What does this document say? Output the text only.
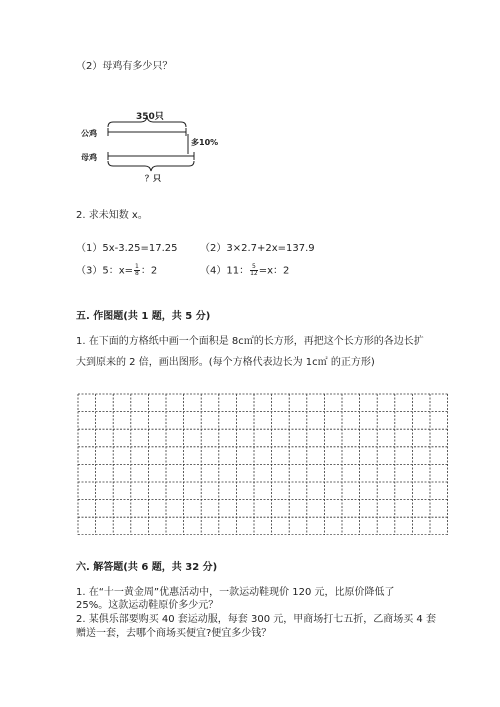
（2）母鸡有多少只？
350只
公鸡
母鸡
多10%
？只
2. 求未知数 x。
（1）5x-3.25=17.25 （2）3×2.7+2x=137.9
（3）5：$x= \frac{1}{8}$ ：2	（4）11： $\frac{5}{12} =x$：2
五. 作图题(共 1 题，共 5 分)
1. 在下面的方格纸中画一个面积是 8c㎡的长方形，再把这个长方形的各边长扩
大到原来的 2 倍，画出图形。(每个方格代表边长为 1c㎡ 的正方形)
六. 解答题(共 6 题，共 32 分)
1. 在“十一黄金周”优惠活动中，一款运动鞋现价 120 元，比原价降低了
25%。这款运动鞋原价多少元？
2. 某俱乐部要购买 40 套运动服，每套 300 元，甲商场打七五折，乙商场买 4 套
赠送一套，去哪个商场买便宜?便宜多少钱？
